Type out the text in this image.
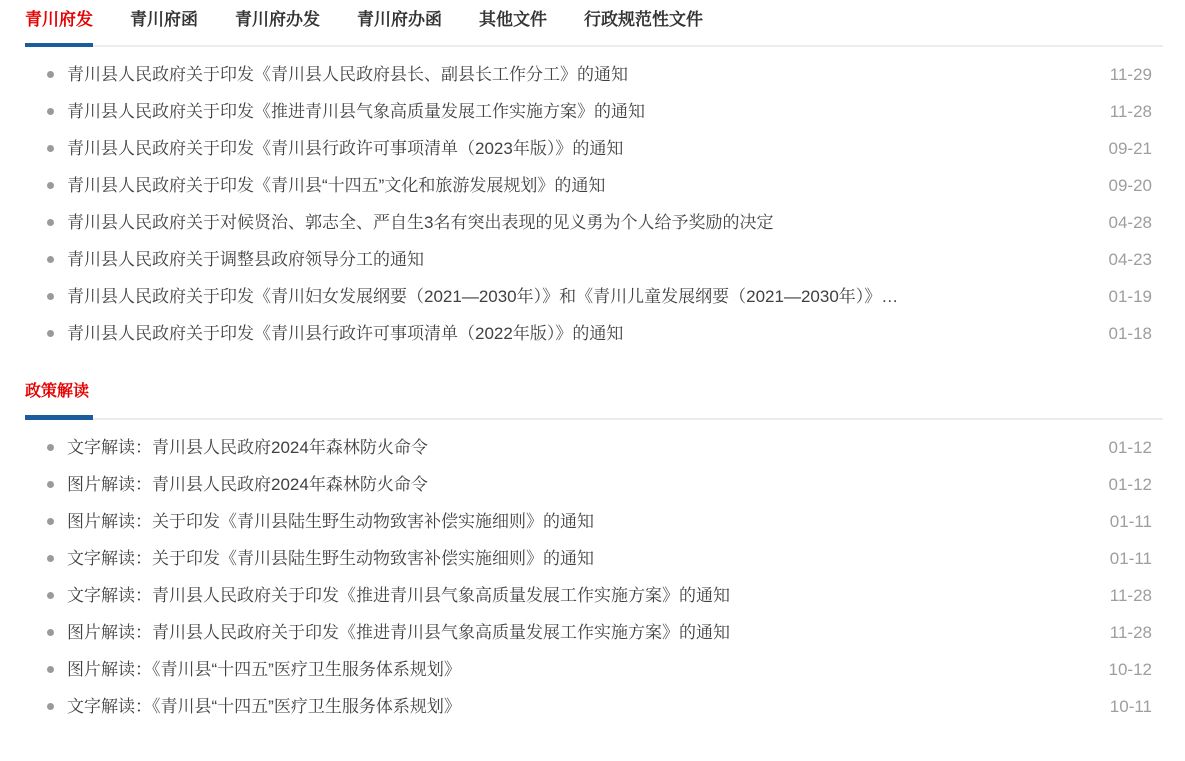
青川府发 青川府函 青川府办发 青川府办函 其他文件 行政规范性文件
青川县人民政府关于印发《青川县人民政府县长、副县长工作分工》的通知	11-29
青川县人民政府关于印发《推进青川县气象高质量发展工作实施方案》的通知	11-28
青川县人民政府关于印发《青川县行政许可事项清单（2023年版）》的通知	09-21
青川县人民政府关于印发《青川县“十四五”文化和旅游发展规划》的通知	09-20
青川县人民政府关于对候贤治、郭志全、严自生3名有突出表现的见义勇为个人给予奖励的决定	04-28
青川县人民政府关于调整县政府领导分工的通知	04-23
青川县人民政府关于印发《青川妇女发展纲要（2021—2030年）》和《青川儿童发展纲要（2021—2030年）》…	01-19
青川县人民政府关于印发《青川县行政许可事项清单（2022年版）》的通知	01-18
政策解读
文字解读：青川县人民政府2024年森林防火命令	01-12
图片解读：青川县人民政府2024年森林防火命令	01-12
图片解读：关于印发《青川县陆生野生动物致害补偿实施细则》的通知	01-11
文字解读：关于印发《青川县陆生野生动物致害补偿实施细则》的通知	01-11
文字解读：青川县人民政府关于印发《推进青川县气象高质量发展工作实施方案》的通知	11-28
图片解读：青川县人民政府关于印发《推进青川县气象高质量发展工作实施方案》的通知	11-28
图片解读：《青川县“十四五”医疗卫生服务体系规划》	10-12
文字解读：《青川县“十四五”医疗卫生服务体系规划》	10-11
